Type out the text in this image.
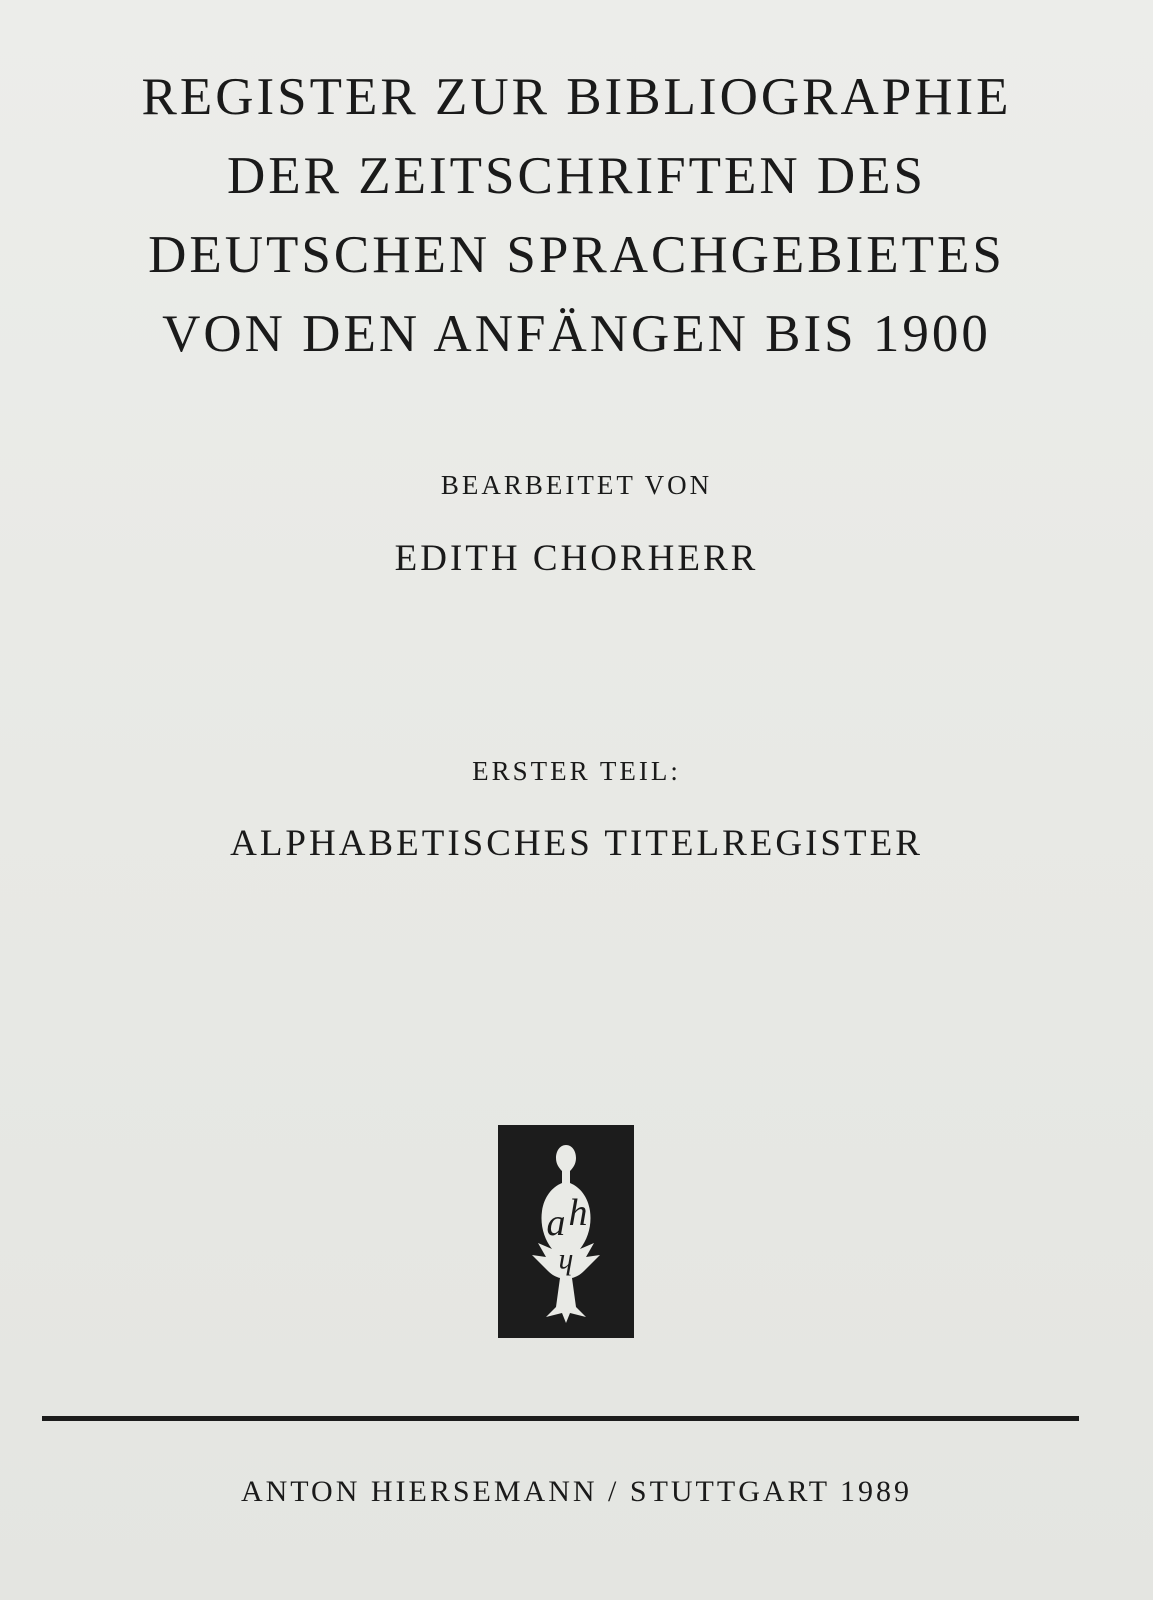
REGISTER ZUR BIBLIOGRAPHIE
DER ZEITSCHRIFTEN DES
DEUTSCHEN SPRACHGEBIETES
VON DEN ANFÄNGEN BIS 1900
BEARBEITET VON
EDITH CHORHERR
ERSTER TEIL:
ALPHABETISCHES TITELREGISTER
a h
h
ANTON HIERSEMANN / STUTTGART 1989
